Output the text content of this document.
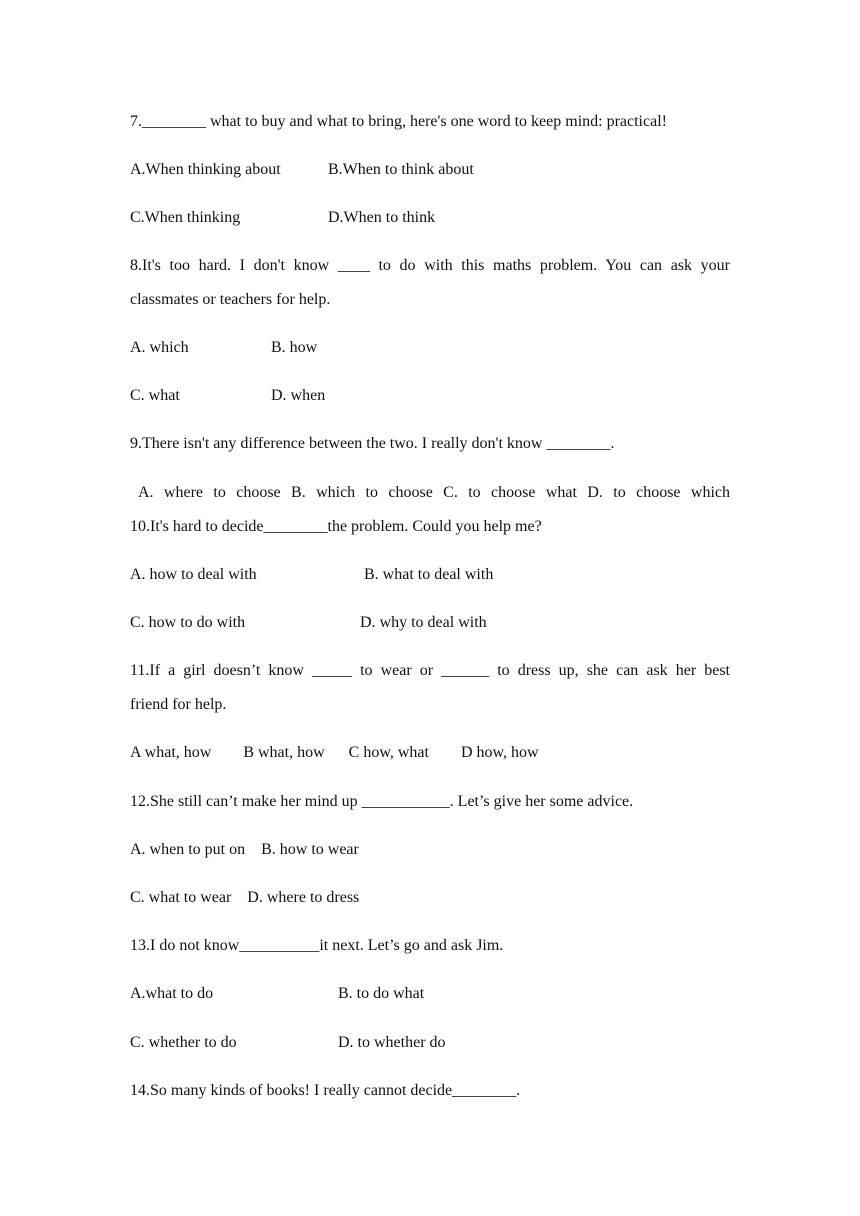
7.________ what to buy and what to bring, here's one word to keep mind: practical!
A.When thinking about	B.When to think about
C.When thinking	D.When to think
8.It's too hard. I don't know ____ to do with this maths problem. You can ask your
classmates or teachers for help.
A. which	B. how
C. what	D. when
9.There isn't any difference between the two. I really don't know ________.
A. where to choose B. which to choose C. to choose what D. to choose which
10.It's hard to decide________the problem. Could you help me?
A. how to deal with	B. what to deal with
C. how to do with	D. why to deal with
11.If a girl doesn’t know _____ to wear or ______ to dress up, she can ask her best
friend for help.
A what, how        B what, how      C how, what        D how, how
12.She still can’t make her mind up ___________. Let’s give her some advice.
A. when to put on    B. how to wear
C. what to wear    D. where to dress
13.I do not know__________it next. Let’s go and ask Jim.
A.what to do	B. to do what
C. whether to do	D. to whether do
14.So many kinds of books! I really cannot decide________.
